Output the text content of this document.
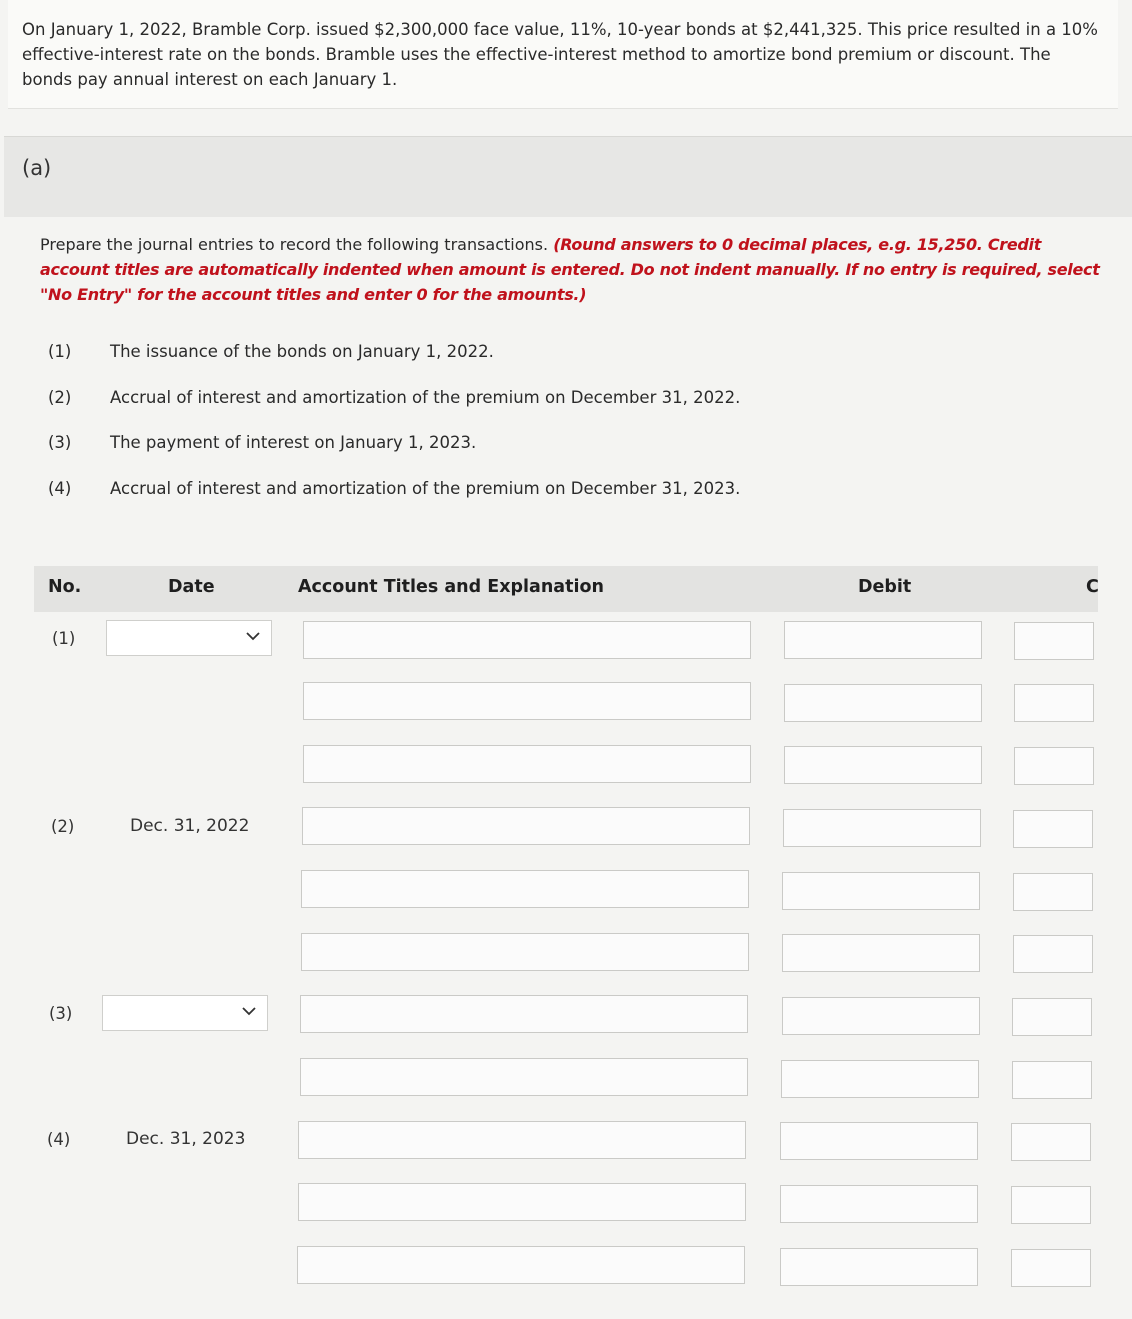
On January 1, 2022, Bramble Corp. issued $2,300,000 face value, 11%, 10-year bonds at $2,441,325. This price resulted in a 10% effective-interest rate on the bonds. Bramble uses the effective-interest method to amortize bond premium or discount. The bonds pay annual interest on each January 1.

(a)
Prepare the journal entries to record the following transactions. (Round answers to 0 decimal places, e.g. 15,250. Credit account titles are automatically indented when amount is entered. Do not indent manually. If no entry is required, select "No Entry" for the account titles and enter 0 for the amounts.)
(1)	The issuance of the bonds on January 1, 2022.
(2)	Accrual of interest and amortization of the premium on December 31, 2022.
(3)	The payment of interest on January 1, 2023.
(4)	Accrual of interest and amortization of the premium on December 31, 2023.
No.	Date	Account Titles and Explanation	Debit	C
(1)
(2)	Dec. 31, 2022
(3)
(4)	Dec. 31, 2023
